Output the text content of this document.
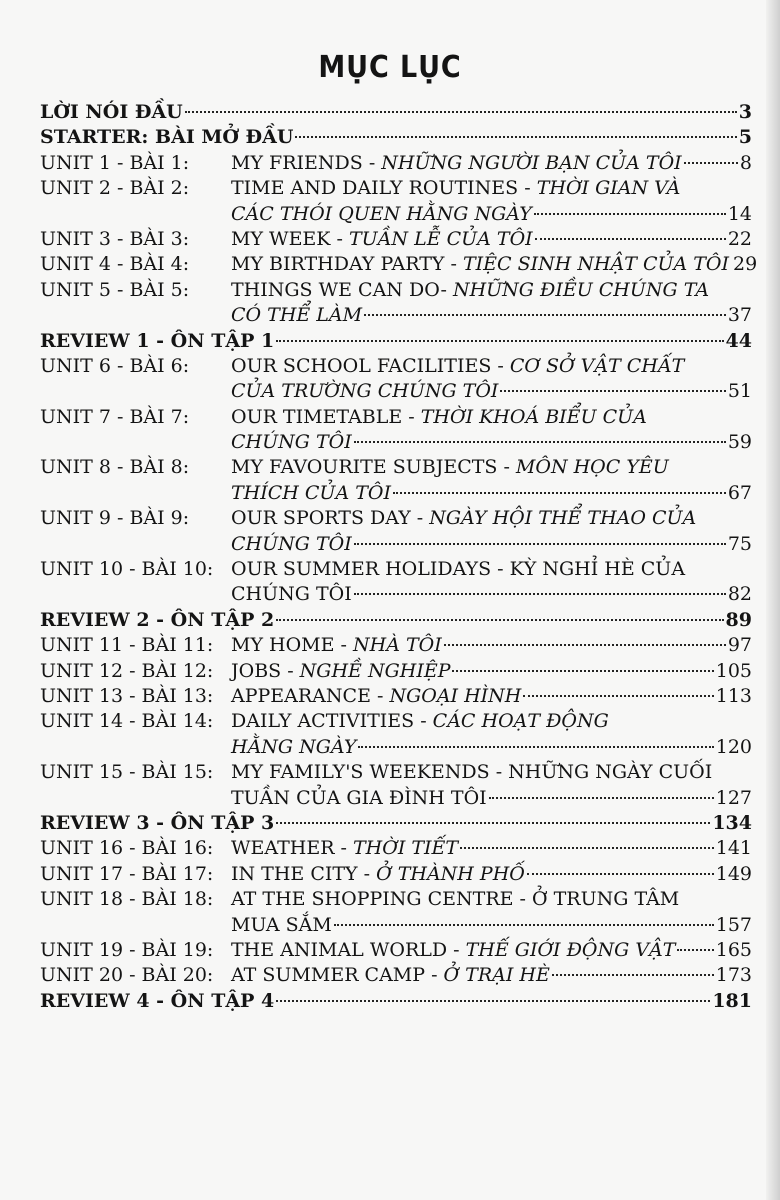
MỤC LỤC
LỜI NÓI ĐẦU	3
STARTER: BÀI MỞ ĐẦU	5
UNIT 1 - BÀI 1: MY FRIENDS - NHỮNG NGƯỜI BẠN CỦA TÔI	8
UNIT 2 - BÀI 2: TIME AND DAILY ROUTINES - THỜI GIAN VÀ
CÁC THÓI QUEN HẰNG NGÀY	14
UNIT 3 - BÀI 3: MY WEEK - TUẦN LỄ CỦA TÔI	22
UNIT 4 - BÀI 4: MY BIRTHDAY PARTY - TIỆC SINH NHẬT CỦA TÔI 29
UNIT 5 - BÀI 5: THINGS WE CAN DO- NHỮNG ĐIỀU CHÚNG TA
CÓ THỂ LÀM	37
REVIEW 1 - ÔN TẬP 1	44
UNIT 6 - BÀI 6: OUR SCHOOL FACILITIES - CƠ SỞ VẬT CHẤT
CỦA TRƯỜNG CHÚNG TÔI	51
UNIT 7 - BÀI 7: OUR TIMETABLE - THỜI KHOÁ BIỂU CỦA
CHÚNG TÔI	59
UNIT 8 - BÀI 8: MY FAVOURITE SUBJECTS - MÔN HỌC YÊU
THÍCH CỦA TÔI	67
UNIT 9 - BÀI 9: OUR SPORTS DAY - NGÀY HỘI THỂ THAO CỦA
CHÚNG TÔI	75
UNIT 10 - BÀI 10: OUR SUMMER HOLIDAYS - KỲ NGHỈ HÈ CỦA
CHÚNG TÔI	82
REVIEW 2 - ÔN TẬP 2	89
UNIT 11 - BÀI 11: MY HOME - NHÀ TÔI	97
UNIT 12 - BÀI 12: JOBS - NGHỀ NGHIỆP	105
UNIT 13 - BÀI 13: APPEARANCE - NGOẠI HÌNH	113
UNIT 14 - BÀI 14: DAILY ACTIVITIES - CÁC HOẠT ĐỘNG
HẰNG NGÀY	120
UNIT 15 - BÀI 15: MY FAMILY'S WEEKENDS - NHỮNG NGÀY CUỐI
TUẦN CỦA GIA ĐÌNH TÔI	127
REVIEW 3 - ÔN TẬP 3	134
UNIT 16 - BÀI 16: WEATHER - THỜI TIẾT	141
UNIT 17 - BÀI 17: IN THE CITY - Ở THÀNH PHỐ	149
UNIT 18 - BÀI 18: AT THE SHOPPING CENTRE - Ở TRUNG TÂM
MUA SẮM	157
UNIT 19 - BÀI 19: THE ANIMAL WORLD - THẾ GIỚI ĐỘNG VẬT 165
UNIT 20 - BÀI 20: AT SUMMER CAMP - Ở TRẠI HÈ	173
REVIEW 4 - ÔN TẬP 4	181
